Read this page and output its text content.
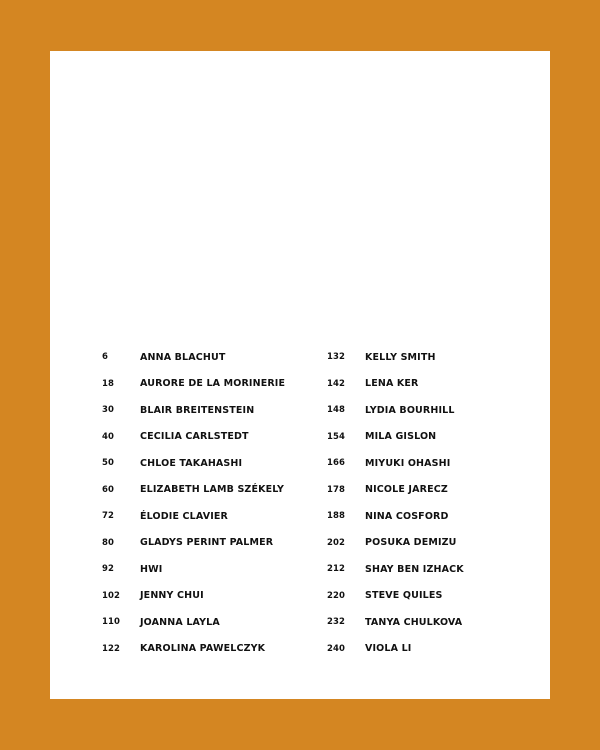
6	ANNA BLACHUT
18	AURORE DE LA MORINERIE
30	BLAIR BREITENSTEIN
40	CECILIA CARLSTEDT
50	CHLOE TAKAHASHI
60	ELIZABETH LAMB SZÉKELY
72	ÉLODIE CLAVIER
80	GLADYS PERINT PALMER
92	HWI
102	JENNY CHUI
110	JOANNA LAYLA
122	KAROLINA PAWELCZYK
132	KELLY SMITH
142	LENA KER
148	LYDIA BOURHILL
154	MILA GISLON
166	MIYUKI OHASHI
178	NICOLE JARECZ
188	NINA COSFORD
202	POSUKA DEMIZU
212	SHAY BEN IZHACK
220	STEVE QUILES
232	TANYA CHULKOVA
240	VIOLA LI
